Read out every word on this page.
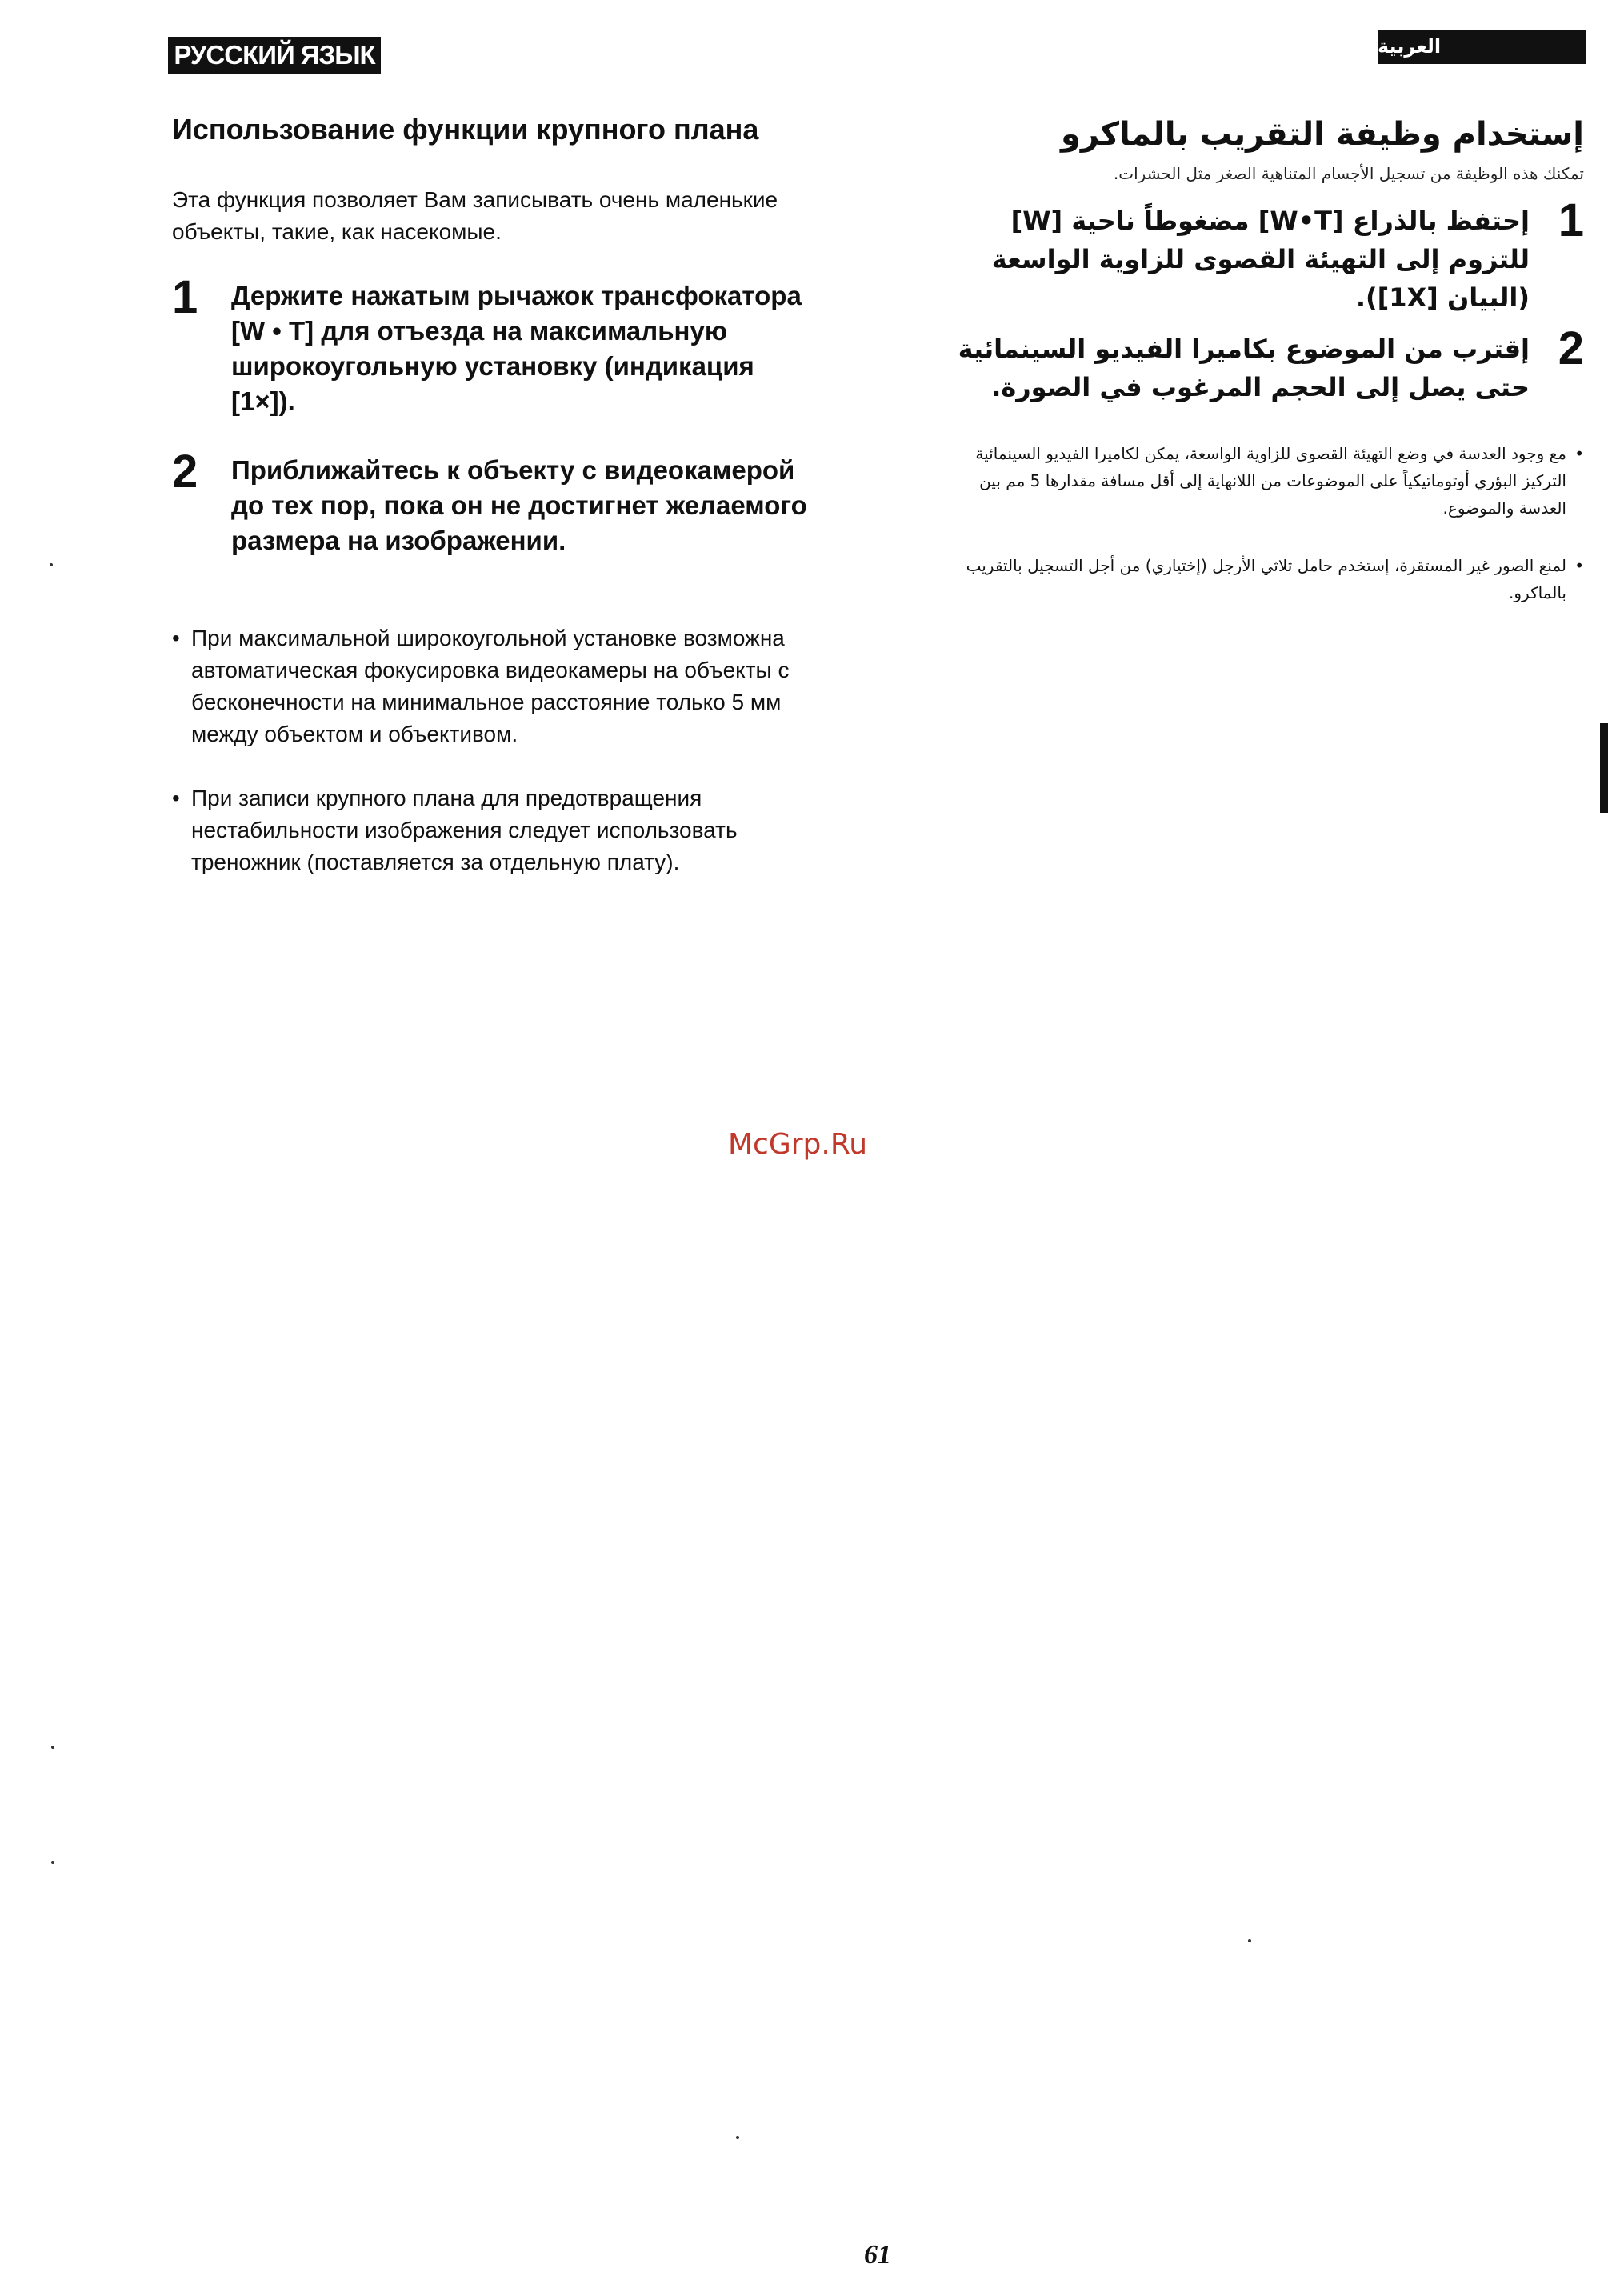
РУССКИЙ ЯЗЫК	العربية
Использование функции крупного плана

Эта функция позволяет Вам записывать очень маленькие объекты, такие, как насекомые.

1 Держите нажатым рычажок трансфокатора [W • T] для отъезда на максимальную широкоугольную установку (индикация [1×]).

2 Приближайтесь к объекту с видеокамерой до тех пор, пока он не достигнет желаемого размера на изображении.

• При максимальной широкоугольной установке возможна автоматическая фокусировка видеокамеры на объекты с бесконечности на минимальное расстояние только 5 мм между объектом и объективом.
• При записи крупного плана для предотвращения нестабильности изображения следует использовать треножник (поставляется за отдельную плату).
إستخدام وظيفة التقريب بالماكرو

تمكنك هذه الوظيفة من تسجيل الأجسام المتناهية الصغر مثل الحشرات.

1

إحتفظ بالذراع [W•T] مضغوطاً ناحية [W] للتزوم إلى التهيئة القصوى للزاوية الواسعة (البيان [1X]).

2

إقترب من الموضوع بكاميرا الفيديو السينمائية حتى يصل إلى الحجم المرغوب في الصورة.

•
مع وجود العدسة في وضع التهيئة القصوى للزاوية الواسعة، يمكن لكاميرا الفيديو السينمائية التركيز البؤري أوتوماتيكياً على الموضوعات من اللانهاية إلى أقل مسافة مقدارها 5 مم بين العدسة والموضوع.
•
لمنع الصور غير المستقرة، إستخدم حامل ثلاثي الأرجل (إختياري) من أجل التسجيل بالتقريب بالماكرو.
McGrp.Ru
61
